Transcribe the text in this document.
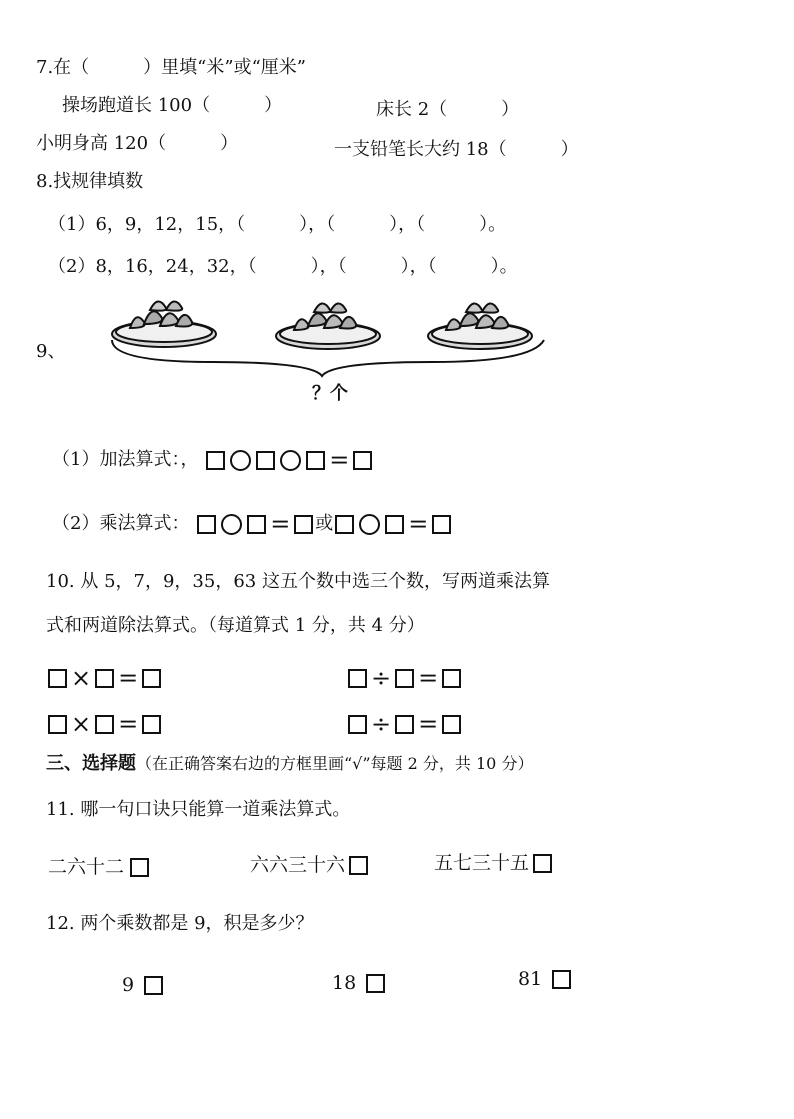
7.在（　　　）里填“米”或“厘米”
操场跑道长 100（　　　）	床长 2（　　　）
小明身高 120（　　　）	一支铅笔长大约 18（　　　）
8.找规律填数
（1）6，9，12，15，（　　　），（　　　），（　　　）。
（2）8，16，24，32，（　　　），（　　　），（　　　）。
9、
？个
（1）加法算式：，	=
（2）乘法算式：	= 或	=
10. 从 5，7，9，35，63 这五个数中选三个数，写两道乘法算
式和两道除法算式。（每道算式 1 分，共 4 分）
× =	÷ =
× =	÷ =
三、选择题（在正确答案右边的方框里画“√”每题 2 分，共 10 分）
11. 哪一句口诀只能算一道乘法算式。
二六十二	六六三十六	五七三十五
12. 两个乘数都是 9，积是多少？
9	18	81
